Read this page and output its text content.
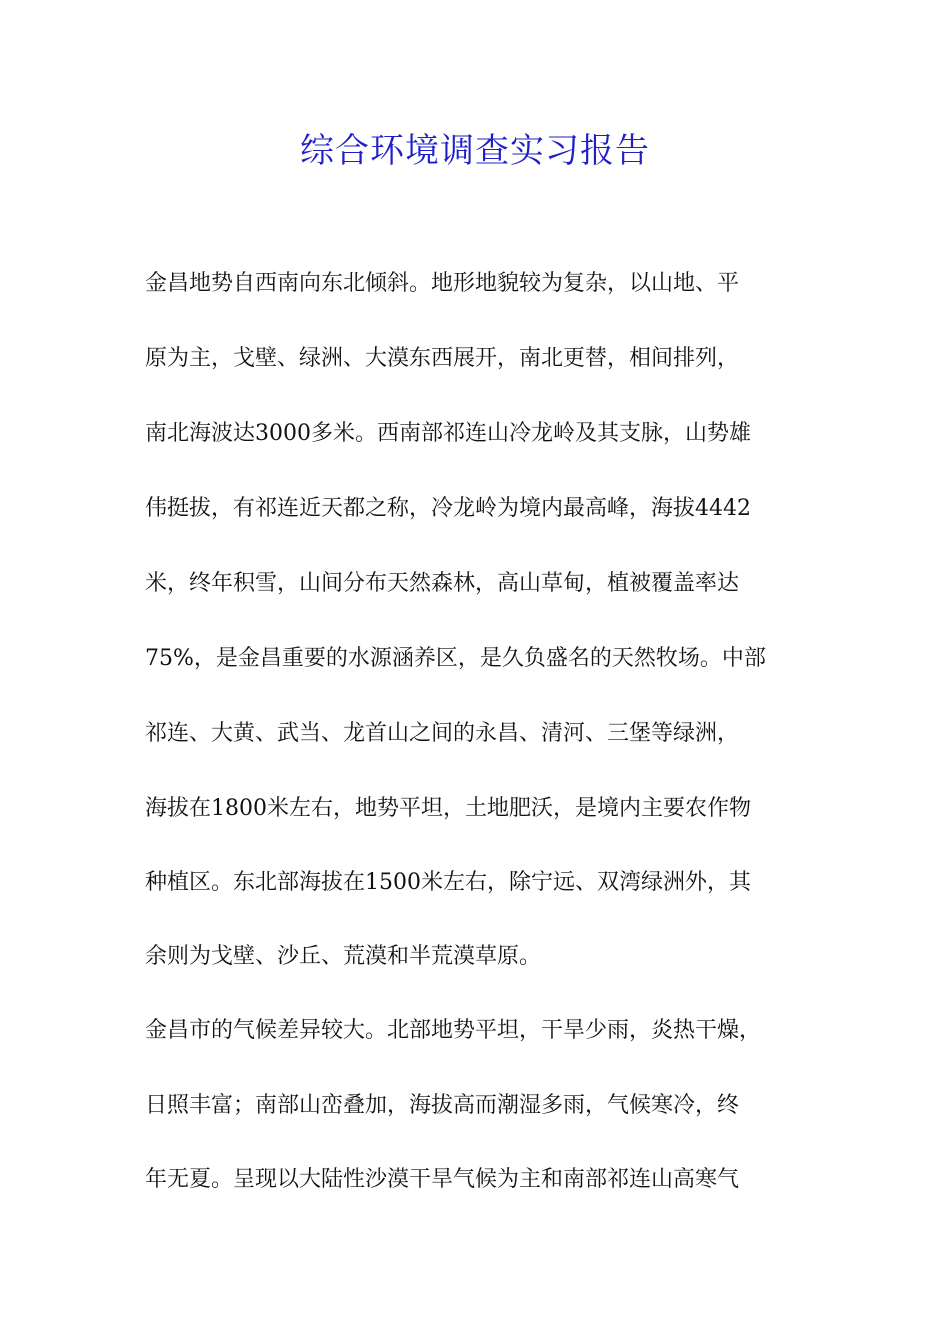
综合环境调查实习报告
金昌地势自西南向东北倾斜。地形地貌较为复杂，以山地、平
原为主，戈壁、绿洲、大漠东西展开，南北更替，相间排列，
南北海波达3000多米。西南部祁连山冷龙岭及其支脉，山势雄
伟挺拔，有祁连近天都之称，冷龙岭为境内最高峰，海拔4442
米，终年积雪，山间分布天然森林，高山草甸，植被覆盖率达
75%，是金昌重要的水源涵养区，是久负盛名的天然牧场。中部
祁连、大黄、武当、龙首山之间的永昌、清河、三堡等绿洲，
海拔在1800米左右，地势平坦，土地肥沃，是境内主要农作物
种植区。东北部海拔在1500米左右，除宁远、双湾绿洲外，其
余则为戈壁、沙丘、荒漠和半荒漠草原。
金昌市的气候差异较大。北部地势平坦，干旱少雨，炎热干燥，
日照丰富；南部山峦叠加，海拔高而潮湿多雨，气候寒冷，终
年无夏。呈现以大陆性沙漠干旱气候为主和南部祁连山高寒气
